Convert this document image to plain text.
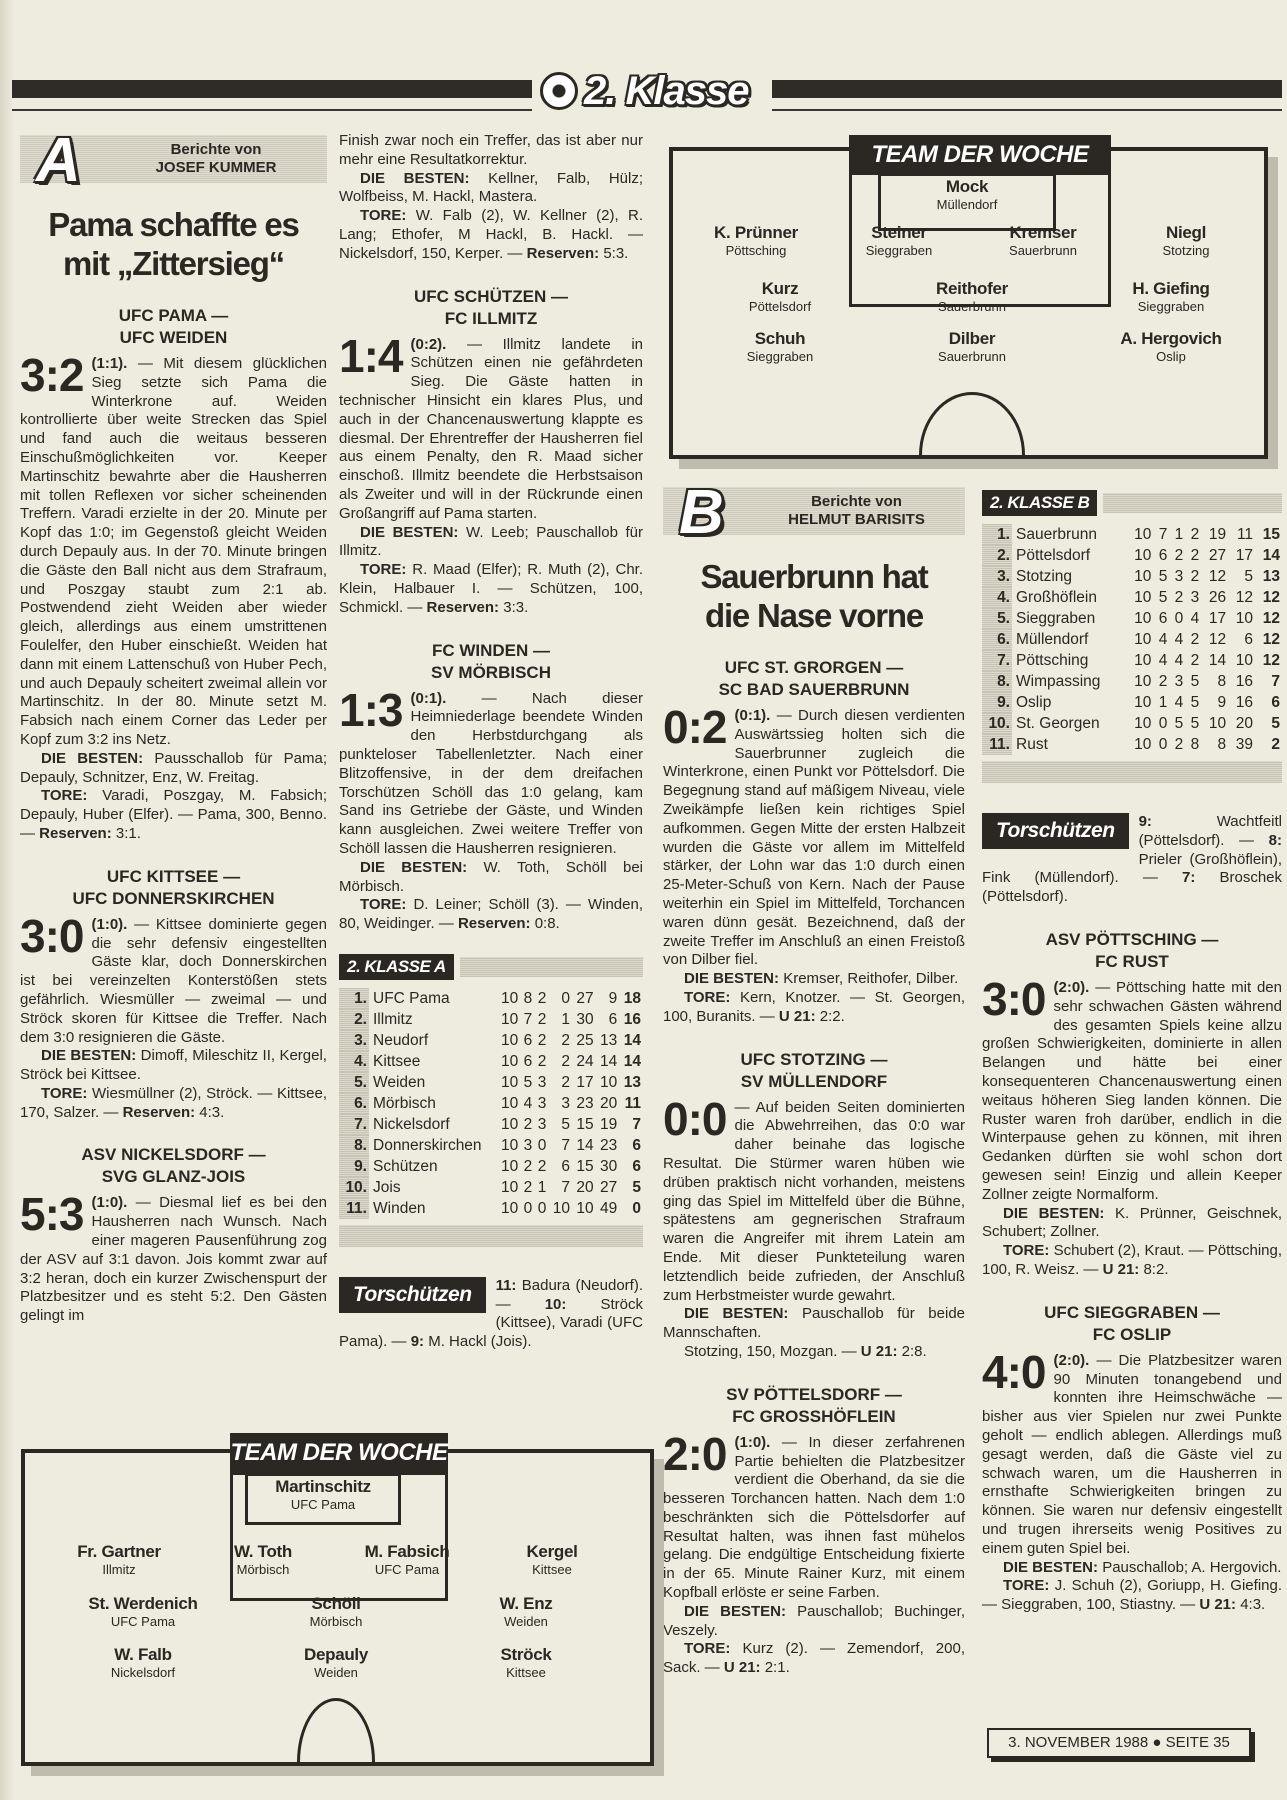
2. Klasse
A	Berichte von
JOSEF KUMMER
Pama schaffte es
mit „Zittersieg“
UFC PAMA —
UFC WEIDEN

3:2 (1:1). — Mit diesem glücklichen Sieg setzte sich Pama die Winterkrone auf. Weiden kontrollierte über weite Strecken das Spiel und fand auch die weitaus besseren Einschußmöglichkeiten vor. Keeper Martinschitz bewahrte aber die Hausherren mit tollen Reflexen vor sicher scheinenden Treffern. Varadi erzielte in der 20. Minute per Kopf das 1:0; im Gegenstoß gleicht Weiden durch Depauly aus. In der 70. Minute bringen die Gäste den Ball nicht aus dem Strafraum, und Poszgay staubt zum 2:1 ab. Postwendend zieht Weiden aber wieder gleich, allerdings aus einem umstrittenen Foulelfer, den Huber einschießt. Weiden hat dann mit einem Lattenschuß von Huber Pech, und auch Depauly scheitert zweimal allein vor Martinschitz. In der 80. Minute setzt M. Fabsich nach einem Corner das Leder per Kopf zum 3:2 ins Netz.

DIE BESTEN: Pausschallob für Pama; Depauly, Schnitzer, Enz, W. Freitag.

TORE: Varadi, Poszgay, M. Fabsich; Depauly, Huber (Elfer). — Pama, 300, Benno. — Reserven: 3:1.

UFC KITTSEE —
UFC DONNERSKIRCHEN

3:0 (1:0). — Kittsee dominierte gegen die sehr defensiv eingestellten Gäste klar, doch Donnerskirchen ist bei vereinzelten Konterstößen stets gefährlich. Wiesmüller — zweimal — und Ströck skoren für Kittsee die Treffer. Nach dem 3:0 resignieren die Gäste.

DIE BESTEN: Dimoff, Mileschitz II, Kergel, Ströck bei Kittsee.

TORE: Wiesmüllner (2), Ströck. — Kittsee, 170, Salzer. — Reserven: 4:3.

ASV NICKELSDORF —
SVG GLANZ-JOIS

5:3 (1:0). — Diesmal lief es bei den Hausherren nach Wunsch. Nach einer mageren Pausenführung zog der ASV auf 3:1 davon. Jois kommt zwar auf 3:2 heran, doch ein kurzer Zwischenspurt der Platzbesitzer und es steht 5:2. Den Gästen gelingt im

Finish zwar noch ein Treffer, das ist aber nur mehr eine Resultatkorrektur.

DIE BESTEN: Kellner, Falb, Hülz; Wolfbeiss, M. Hackl, Mastera.

TORE: W. Falb (2), W. Kellner (2), R. Lang; Ethofer, M Hackl, B. Hackl. — Nickelsdorf, 150, Kerper. — Reserven: 5:3.

UFC SCHÜTZEN —
FC ILLMITZ

1:4 (0:2). — Illmitz landete in Schützen einen nie gefährdeten Sieg. Die Gäste hatten in technischer Hinsicht ein klares Plus, und auch in der Chancenauswertung klappte es diesmal. Der Ehrentreffer der Hausherren fiel aus einem Penalty, den R. Maad sicher einschoß. Illmitz beendete die Herbstsaison als Zweiter und will in der Rückrunde einen Großangriff auf Pama starten.

DIE BESTEN: W. Leeb; Pauschallob für Illmitz.

TORE: R. Maad (Elfer); R. Muth (2), Chr. Klein, Halbauer I. — Schützen, 100, Schmickl. — Reserven: 3:3.

FC WINDEN —
SV MÖRBISCH

1:3 (0:1). — Nach dieser Heimniederlage beendete Winden den Herbstdurchgang als punkteloser Tabellenletzter. Nach einer Blitzoffensive, in der dem dreifachen Torschützen Schöll das 1:0 gelang, kam Sand ins Getriebe der Gäste, und Winden kann ausgleichen. Zwei weitere Treffer von Schöll lassen die Hausherren resignieren.

DIE BESTEN: W. Toth, Schöll bei Mörbisch.

TORE: D. Leiner; Schöll (3). — Winden, 80, Weidinger. — Reserven: 0:8.

2. KLASSE A
1.	UFC Pama	10	8	2	0	27	9	18
2.	Illmitz	10	7	2	1	30	6	16
3.	Neudorf	10	6	2	2	25	13	14
4.	Kittsee	10	6	2	2	24	14	14
5.	Weiden	10	5	3	2	17	10	13
6.	Mörbisch	10	4	3	3	23	20	11
7.	Nickelsdorf	10	2	3	5	15	19	7
8.	Donnerskirchen	10	3	0	7	14	23	6
9.	Schützen	10	2	2	6	15	30	6
10.	Jois	10	2	1	7	20	27	5
11.	Winden	10	0	0	10	10	49	0
Torschützen	11: Badura (Neudorf). — 10: Ströck (Kittsee), Varadi (UFC Pama). — 9: M. Hackl (Jois).
B	Berichte von
HELMUT BARISITS
Sauerbrunn hat
die Nase vorne
UFC ST. GRORGEN —
SC BAD SAUERBRUNN

0:2 (0:1). — Durch diesen verdienten Auswärtssieg holten sich die Sauerbrunner zugleich die Winterkrone, einen Punkt vor Pöttelsdorf. Die Begegnung stand auf mäßigem Niveau, viele Zweikämpfe ließen kein richtiges Spiel aufkommen. Gegen Mitte der ersten Halbzeit wurden die Gäste vor allem im Mittelfeld stärker, der Lohn war das 1:0 durch einen 25-Meter-Schuß von Kern. Nach der Pause weiterhin ein Spiel im Mittelfeld, Torchancen waren dünn gesät. Bezeichnend, daß der zweite Treffer im Anschluß an einen Freistoß von Dilber fiel.

DIE BESTEN: Kremser, Reithofer, Dilber.

TORE: Kern, Knotzer. — St. Georgen, 100, Buranits. — U 21: 2:2.

UFC STOTZING —
SV MÜLLENDORF

0:0 — Auf beiden Seiten dominierten die Abwehrreihen, das 0:0 war daher beinahe das logische Resultat. Die Stürmer waren hüben wie drüben praktisch nicht vorhanden, meistens ging das Spiel im Mittelfeld über die Bühne, spätestens am gegnerischen Strafraum waren die Angreifer mit ihrem Latein am Ende. Mit dieser Punkteteilung waren letztendlich beide zufrieden, der Anschluß zum Herbstmeister wurde gewahrt.

DIE BESTEN: Pauschallob für beide Mannschaften.

Stotzing, 150, Mozgan. — U 21: 2:8.

SV PÖTTELSDORF —
FC GROSSHÖFLEIN

2:0 (1:0). — In dieser zerfahrenen Partie behielten die Platzbesitzer verdient die Oberhand, da sie die besseren Torchancen hatten. Nach dem 1:0 beschränkten sich die Pöttelsdorfer auf Resultat halten, was ihnen fast mühelos gelang. Die endgültige Entscheidung fixierte in der 65. Minute Rainer Kurz, mit einem Kopfball erlöste er seine Farben.

DIE BESTEN: Pauschallob; Buchinger, Veszely.

TORE: Kurz (2). — Zemendorf, 200, Sack. — U 21: 2:1.

2. KLASSE B
1.	Sauerbrunn	10	7	1	2	19	11	15
2.	Pöttelsdorf	10	6	2	2	27	17	14
3.	Stotzing	10	5	3	2	12	5	13
4.	Großhöflein	10	5	2	3	26	12	12
5.	Sieggraben	10	6	0	4	17	10	12
6.	Müllendorf	10	4	4	2	12	6	12
7.	Pöttsching	10	4	4	2	14	10	12
8.	Wimpassing	10	2	3	5	8	16	7
9.	Oslip	10	1	4	5	9	16	6
10.	St. Georgen	10	0	5	5	10	20	5
11.	Rust	10	0	2	8	8	39	2
Torschützen	9:	Wachtfeitl (Pöttelsdorf). — 8: Prieler (Großhöflein), Fink (Müllendorf). — 7: Broschek (Pöttelsdorf).
ASV PÖTTSCHING —
FC RUST

3:0 (2:0). — Pöttsching hatte mit den sehr schwachen Gästen während des gesamten Spiels keine allzu großen Schwierigkeiten, dominierte in allen Belangen und hätte bei einer konsequenteren Chancenauswertung einen weitaus höheren Sieg landen können. Die Ruster waren froh darüber, endlich in die Winterpause gehen zu können, mit ihren Gedanken dürften sie wohl schon dort gewesen sein! Einzig und allein Keeper Zollner zeigte Normalform.

DIE BESTEN: K. Prünner, Geischnek, Schubert; Zollner.

TORE: Schubert (2), Kraut. — Pöttsching, 100, R. Weisz. — U 21: 8:2.

UFC SIEGGRABEN —
FC OSLIP

4:0 (2:0). — Die Platzbesitzer waren 90 Minuten tonangebend und konnten ihre Heimschwäche — bisher aus vier Spielen nur zwei Punkte geholt — endlich ablegen. Allerdings muß gesagt werden, daß die Gäste viel zu schwach waren, um die Hausherren in ernsthafte Schwierigkeiten bringen zu können. Sie waren nur defensiv eingestellt und trugen ihrerseits wenig Positives zu einem guten Spiel bei.

DIE BESTEN: Pauschallob; A. Hergovich.

TORE: J. Schuh (2), Goriupp, H. Giefing. — Sieggraben, 100, Stiastny. — U 21: 4:3.

TEAM DER WOCHE
Martinschitz
UFC Pama
Fr. Gartner
Illmitz
W. Toth
Mörbisch
M. Fabsich
UFC Pama
Kergel
Kittsee
St. Werdenich
UFC Pama
Schöll
Mörbisch
W. Enz
Weiden
W. Falb
Nickelsdorf
Depauly
Weiden
Ströck
Kittsee
TEAM DER WOCHE
Mock
Müllendorf
K. Prünner
Pöttsching
Steiner
Sieggraben
Kremser
Sauerbrunn
Niegl
Stotzing
Kurz
Pöttelsdorf
Reithofer
Sauerbrunn
H. Giefing
Sieggraben
Schuh
Sieggraben
Dilber
Sauerbrunn
A. Hergovich
Oslip
3. NOVEMBER 1988 ● SEITE 35
